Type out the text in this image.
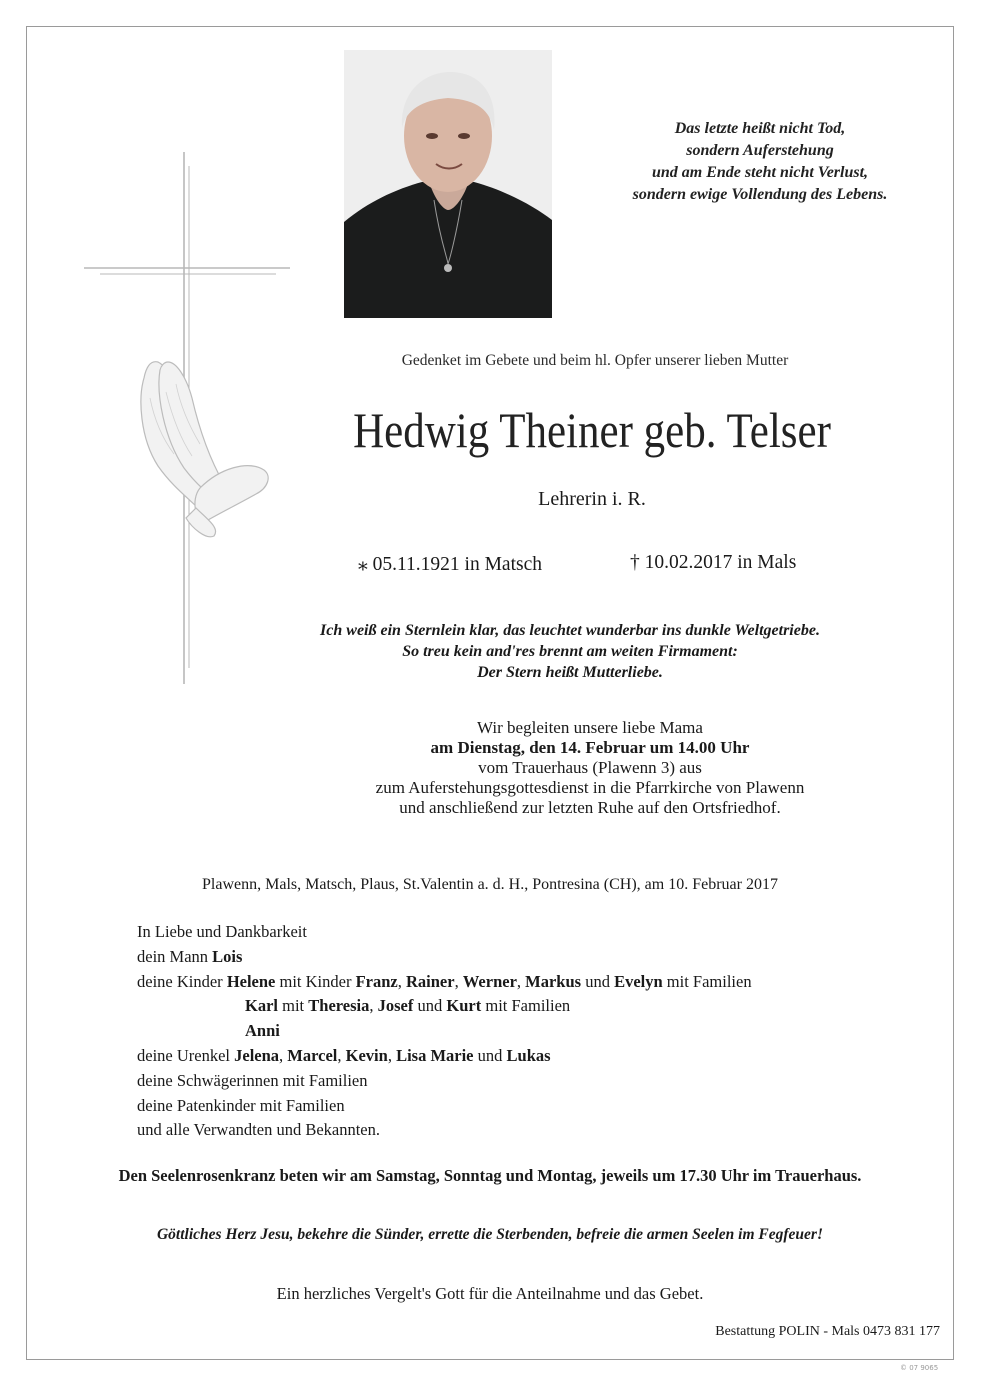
Das letzte heißt nicht Tod,
sondern Auferstehung
und am Ende steht nicht Verlust,
sondern ewige Vollendung des Lebens.
Gedenket im Gebete und beim hl. Opfer unserer lieben Mutter
Hedwig Theiner geb. Telser
Lehrerin i. R.
⁎ 05.11.1921 in Matsch	† 10.02.2017 in Mals
Ich weiß ein Sternlein klar, das leuchtet wunderbar ins dunkle Weltgetriebe.
So treu kein and'res brennt am weiten Firmament:
Der Stern heißt Mutterliebe.
Wir begleiten unsere liebe Mama
am Dienstag, den 14. Februar um 14.00 Uhr
vom Trauerhaus (Plawenn 3) aus
zum Auferstehungsgottesdienst in die Pfarrkirche von Plawenn
und anschließend zur letzten Ruhe auf den Ortsfriedhof.
Plawenn, Mals, Matsch, Plaus, St.Valentin a. d. H., Pontresina (CH), am 10. Februar 2017
In Liebe und Dankbarkeit
dein Mann Lois
deine Kinder Helene mit Kinder Franz, Rainer, Werner, Markus und Evelyn mit Familien
Karl mit Theresia, Josef und Kurt mit Familien
Anni
deine Urenkel Jelena, Marcel, Kevin, Lisa Marie und Lukas
deine Schwägerinnen mit Familien
deine Patenkinder mit Familien
und alle Verwandten und Bekannten.
Den Seelenrosenkranz beten wir am Samstag, Sonntag und Montag, jeweils um 17.30 Uhr im Trauerhaus.
Göttliches Herz Jesu, bekehre die Sünder, errette die Sterbenden, befreie die armen Seelen im Fegfeuer!
Ein herzliches Vergelt's Gott für die Anteilnahme und das Gebet.
Bestattung POLIN - Mals 0473 831 177
© 07 9065
